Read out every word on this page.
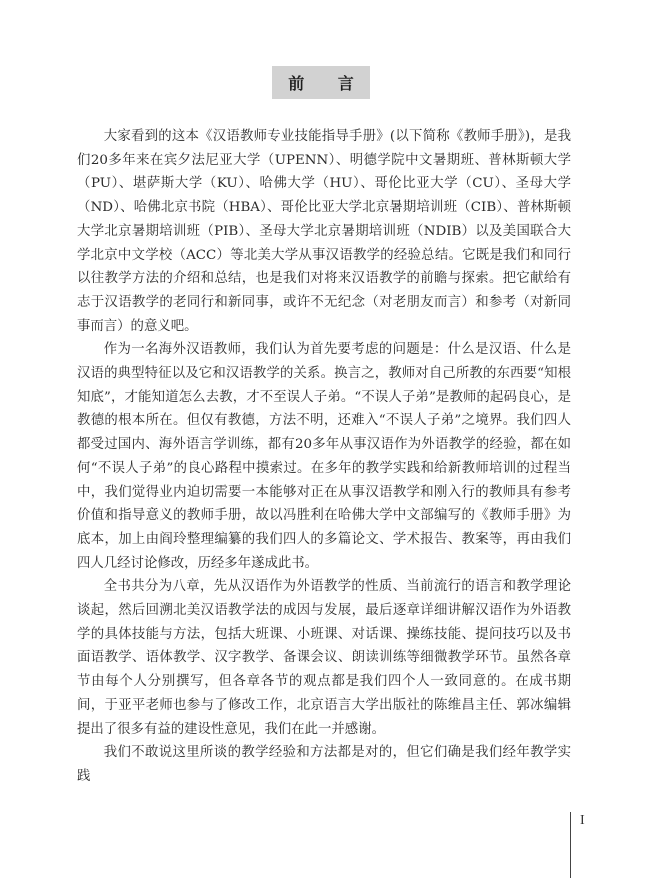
前 言

大家看到的这本《汉语教师专业技能指导手册》(以下简称《教师手册》)，是我们20多年来在宾夕法尼亚大学（UPENN）、明德学院中文暑期班、普林斯顿大学（PU）、堪萨斯大学（KU）、哈佛大学（HU）、哥伦比亚大学（CU）、圣母大学（ND）、哈佛北京书院（HBA）、哥伦比亚大学北京暑期培训班（CIB）、普林斯顿大学北京暑期培训班（PIB）、圣母大学北京暑期培训班（NDIB）以及美国联合大学北京中文学校（ACC）等北美大学从事汉语教学的经验总结。它既是我们和同行以往教学方法的介绍和总结，也是我们对将来汉语教学的前瞻与探索。把它献给有志于汉语教学的老同行和新同事，或许不无纪念（对老朋友而言）和参考（对新同事而言）的意义吧。

作为一名海外汉语教师，我们认为首先要考虑的问题是：什么是汉语、什么是汉语的典型特征以及它和汉语教学的关系。换言之，教师对自己所教的东西要“知根知底”，才能知道怎么去教，才不至误人子弟。“不误人子弟”是教师的起码良心，是教德的根本所在。但仅有教德，方法不明，还难入“不误人子弟”之境界。我们四人都受过国内、海外语言学训练，都有20多年从事汉语作为外语教学的经验，都在如何“不误人子弟”的良心路程中摸索过。在多年的教学实践和给新教师培训的过程当中，我们觉得业内迫切需要一本能够对正在从事汉语教学和刚入行的教师具有参考价值和指导意义的教师手册，故以冯胜利在哈佛大学中文部编写的《教师手册》为底本，加上由阎玲整理编纂的我们四人的多篇论文、学术报告、教案等，再由我们四人几经讨论修改，历经多年遂成此书。

全书共分为八章，先从汉语作为外语教学的性质、当前流行的语言和教学理论谈起，然后回溯北美汉语教学法的成因与发展，最后逐章详细讲解汉语作为外语教学的具体技能与方法，包括大班课、小班课、对话课、操练技能、提问技巧以及书面语教学、语体教学、汉字教学、备课会议、朗读训练等细微教学环节。虽然各章节由每个人分别撰写，但各章各节的观点都是我们四个人一致同意的。在成书期间，于亚平老师也参与了修改工作，北京语言大学出版社的陈维昌主任、郭冰编辑提出了很多有益的建设性意见，我们在此一并感谢。

我们不敢说这里所谈的教学经验和方法都是对的，但它们确是我们经年教学实践

I
